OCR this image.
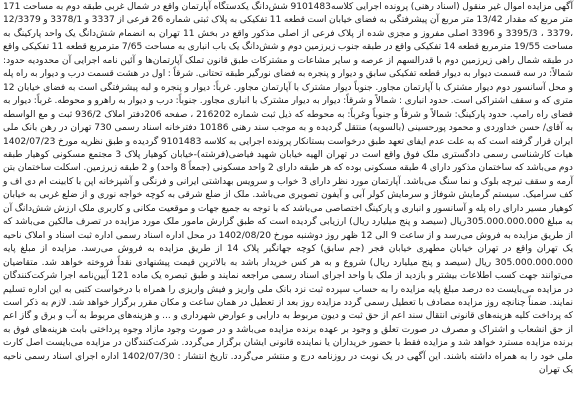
آگهی مزایده اموال غیر منقول (اسناد رهنی) پرونده اجرایی کلاسه9101483 شش‌دانگ یکدستگاه آپارتمان واقع در شمال غربی طبقه دوم به مساحت 171 متر مربع که مقدار 13/42 متر مربع آن پیشرفتگی به فضای خیابان است قطعه 11 تفکیکی به پلاک ثبتی شماره 26 فرعی از 3337 و 3378/1 و 12/3379 ،3379 ، 3395/3 و 3396 اصلی مفروز و مجزی شده از پلاک فرعی از اصلی مذکور واقع در بخش 11 تهران به انضمام شش‌دانگ یک واحد پارکینگ به مساحت 19/55 مترمربع قطعه 14 تفکیکی واقع در طبقه جنوب زیرزمین دوم و شش‌دانگ یک باب انباری به مساحت 7/65 مترمربع قطعه 11 تفکیکی واقع در طبقه شمال راهی زیرزمین دوم با قدرالسهم از عرصه و سایر مشاعات و مشترکات طبق قانون تملک آپارتمان‌ها و آئین نامه اجرایی آن محدودیه حدود: شمالاً: در سه قسمت دیوار به دیوار قطعه تفکیکی سابق و دیوار و پنجره به فضای نورگیر طبقه تحتانی. شرقاً : اول در هشت قسمت درب و دیوار به راه پله و محل آسانسور دوم دیوار مشترک با آپارتمان مجاور. جنوباً دیوار مشترک با آپارتمان مجاور. غرباً: دیوار و پنجره و لبه پیشرفتگی است به فضای خیابان 12 متری که و سقف اشتراکی است. حدود انباری : شمالاً و شرقاً: دیوار به دیوار مشترک با انباری مجاور. جنوباً: درب و دیوار به راهرو و محوطه. غرباً: دیوار به فضای راه رامپ. حدود پارکینگ: شمالاً و شرقاً و جنوباً وغرباً: به محوطه که ذیل ثبت شماره 216202 ، صفحه 206دفتر املاک 936/2 ثبت و مع الواسطه به آقای/ حسن خداوردی و محمود پورحسینی (بالسویه) منتقل گردیده و به موجب سند رهنی 10186 دفترخانه اسناد رسمی 730 تهران در رهن بانک ملی ایران قرار گرفته است که به علت عدم ایفای تعهد طبق درخواست بستانکار پرونده اجرایی به کلاسه 9101483 گردیده و طبق نظریه مورخ 1402/07/23 هیات کارشناسی رسمی دادگستری ملک فوق واقع است در تهران الهیه خیابان شهید فیاضی(فرشته)-خیابان کوهیار پلاک 3 مجتمع مسکونی کوهیار طبقه دوم می‌باشد که ساختمان مذکور دارای 4 طبقه مسکونی بوده که هر طبقه دارای 2 واحد مسکونی (جمعاً 8 واحد) و 2 طبقه زیرزمین. اسکلت ساختمان بتن آرمه و سقف تیرچه بلوک و نما سنگ می‌باشد. آپارتمان مورد نظر دارای 3 خواب و سرویس بهداشتی ایرانی و فرنگی و آشپزخانه اپن با کابینت ام دی اف و کف سرامیک. سیستم گرمایش شوفاژ و سرمایش کولر آبی و آیفون تصویری می‌باشد. ملک از ضلع شرقی به کوچه خواجه نوری و از ضلع غربی به خیابان کوهیار مسیر دارای راه پله و آسانسور و انباری و پارکینگ اختصاصی می‌باشد که با توجه به جمیع جهات و موقعیت مکانی و کاربری ملک ارزش شش‌دانگ آن به مبلغ 305.000.000.000ریال (سیصد و پنج میلیارد ریال) ارزیابی گردیده است که طبق گزارش مامور ملک مورد مزایده در تصرف مالکین می‌باشد که از طریق مزایده به فروش می‌رسد و از ساعت 9 الی 12 ظهر روز دوشنبه مورخ 1402/08/20 در محل اداره اسناد رسمی اداره ثبت اسناد و املاک ناحیه یک تهران واقع در تهران خیابان مطهری خیابان فجر (جم سابق) کوچه جهانگیر پلاک 14 از طریق مزایده به فروش می‌رسد. مزایده از مبلغ پایه 305.000.000.000 ریال (سیصد و پنج میلیارد ریال) شروع و به هر کس خریدار باشد به بالاترین قیمت پیشنهادی نقداً فروخته خواهد شد. متقاضیان می‌توانند جهت کسب اطلاعات بیشتر و بازدید از ملک با واحد اجرای اسناد رسمی مراجعه نمایند و طبق تبصره یک ماده 121 آیین‌نامه اجرا شرکت‌کنندگان در مزایده می‌بایست ده درصد مبلغ پایه مزایده را به حساب سپرده ثبت نزد بانک ملی واریز و فیش واریزی را همراه با درخواست کتبی به این اداره تسلیم نمایند. ضمناً چنانچه روز مزایده مصادف با تعطیل رسمی گردد مزایده روز بعد از تعطیل در همان ساعت و مکان مقرر برگزار خواهد شد. لازم به ذکر است که پرداخت کلیه هزینه‌های قانونی انتقال سند اعم از حق ثبت و دیون مربوط به دارایی و عوارض شهرداری و ... و هزینه‌های مربوط به آب و برق و گاز اعم از حق انشعاب و اشتراک و مصرف در صورت تعلق و وجود بر عهده برنده مزایده می‌باشد و در صورت وجود مازاد وجوه پرداختی بابت هزینه‌های فوق به برنده مزایده مسترد خواهد شد و مزایده فقط با حضور خریداران یا نماینده قانونی ایشان برگزار می‌گردد. شرکت‌کنندگان در مزایده می‌بایست اصل کارت ملی خود را به همراه داشته باشند. این آگهی در یک نوبت در روزنامه درج و منتشر می‌گردد. تاریخ انتشار : 1402/07/30 اداره اجرای اسناد رسمی ناحیه یک تهران
